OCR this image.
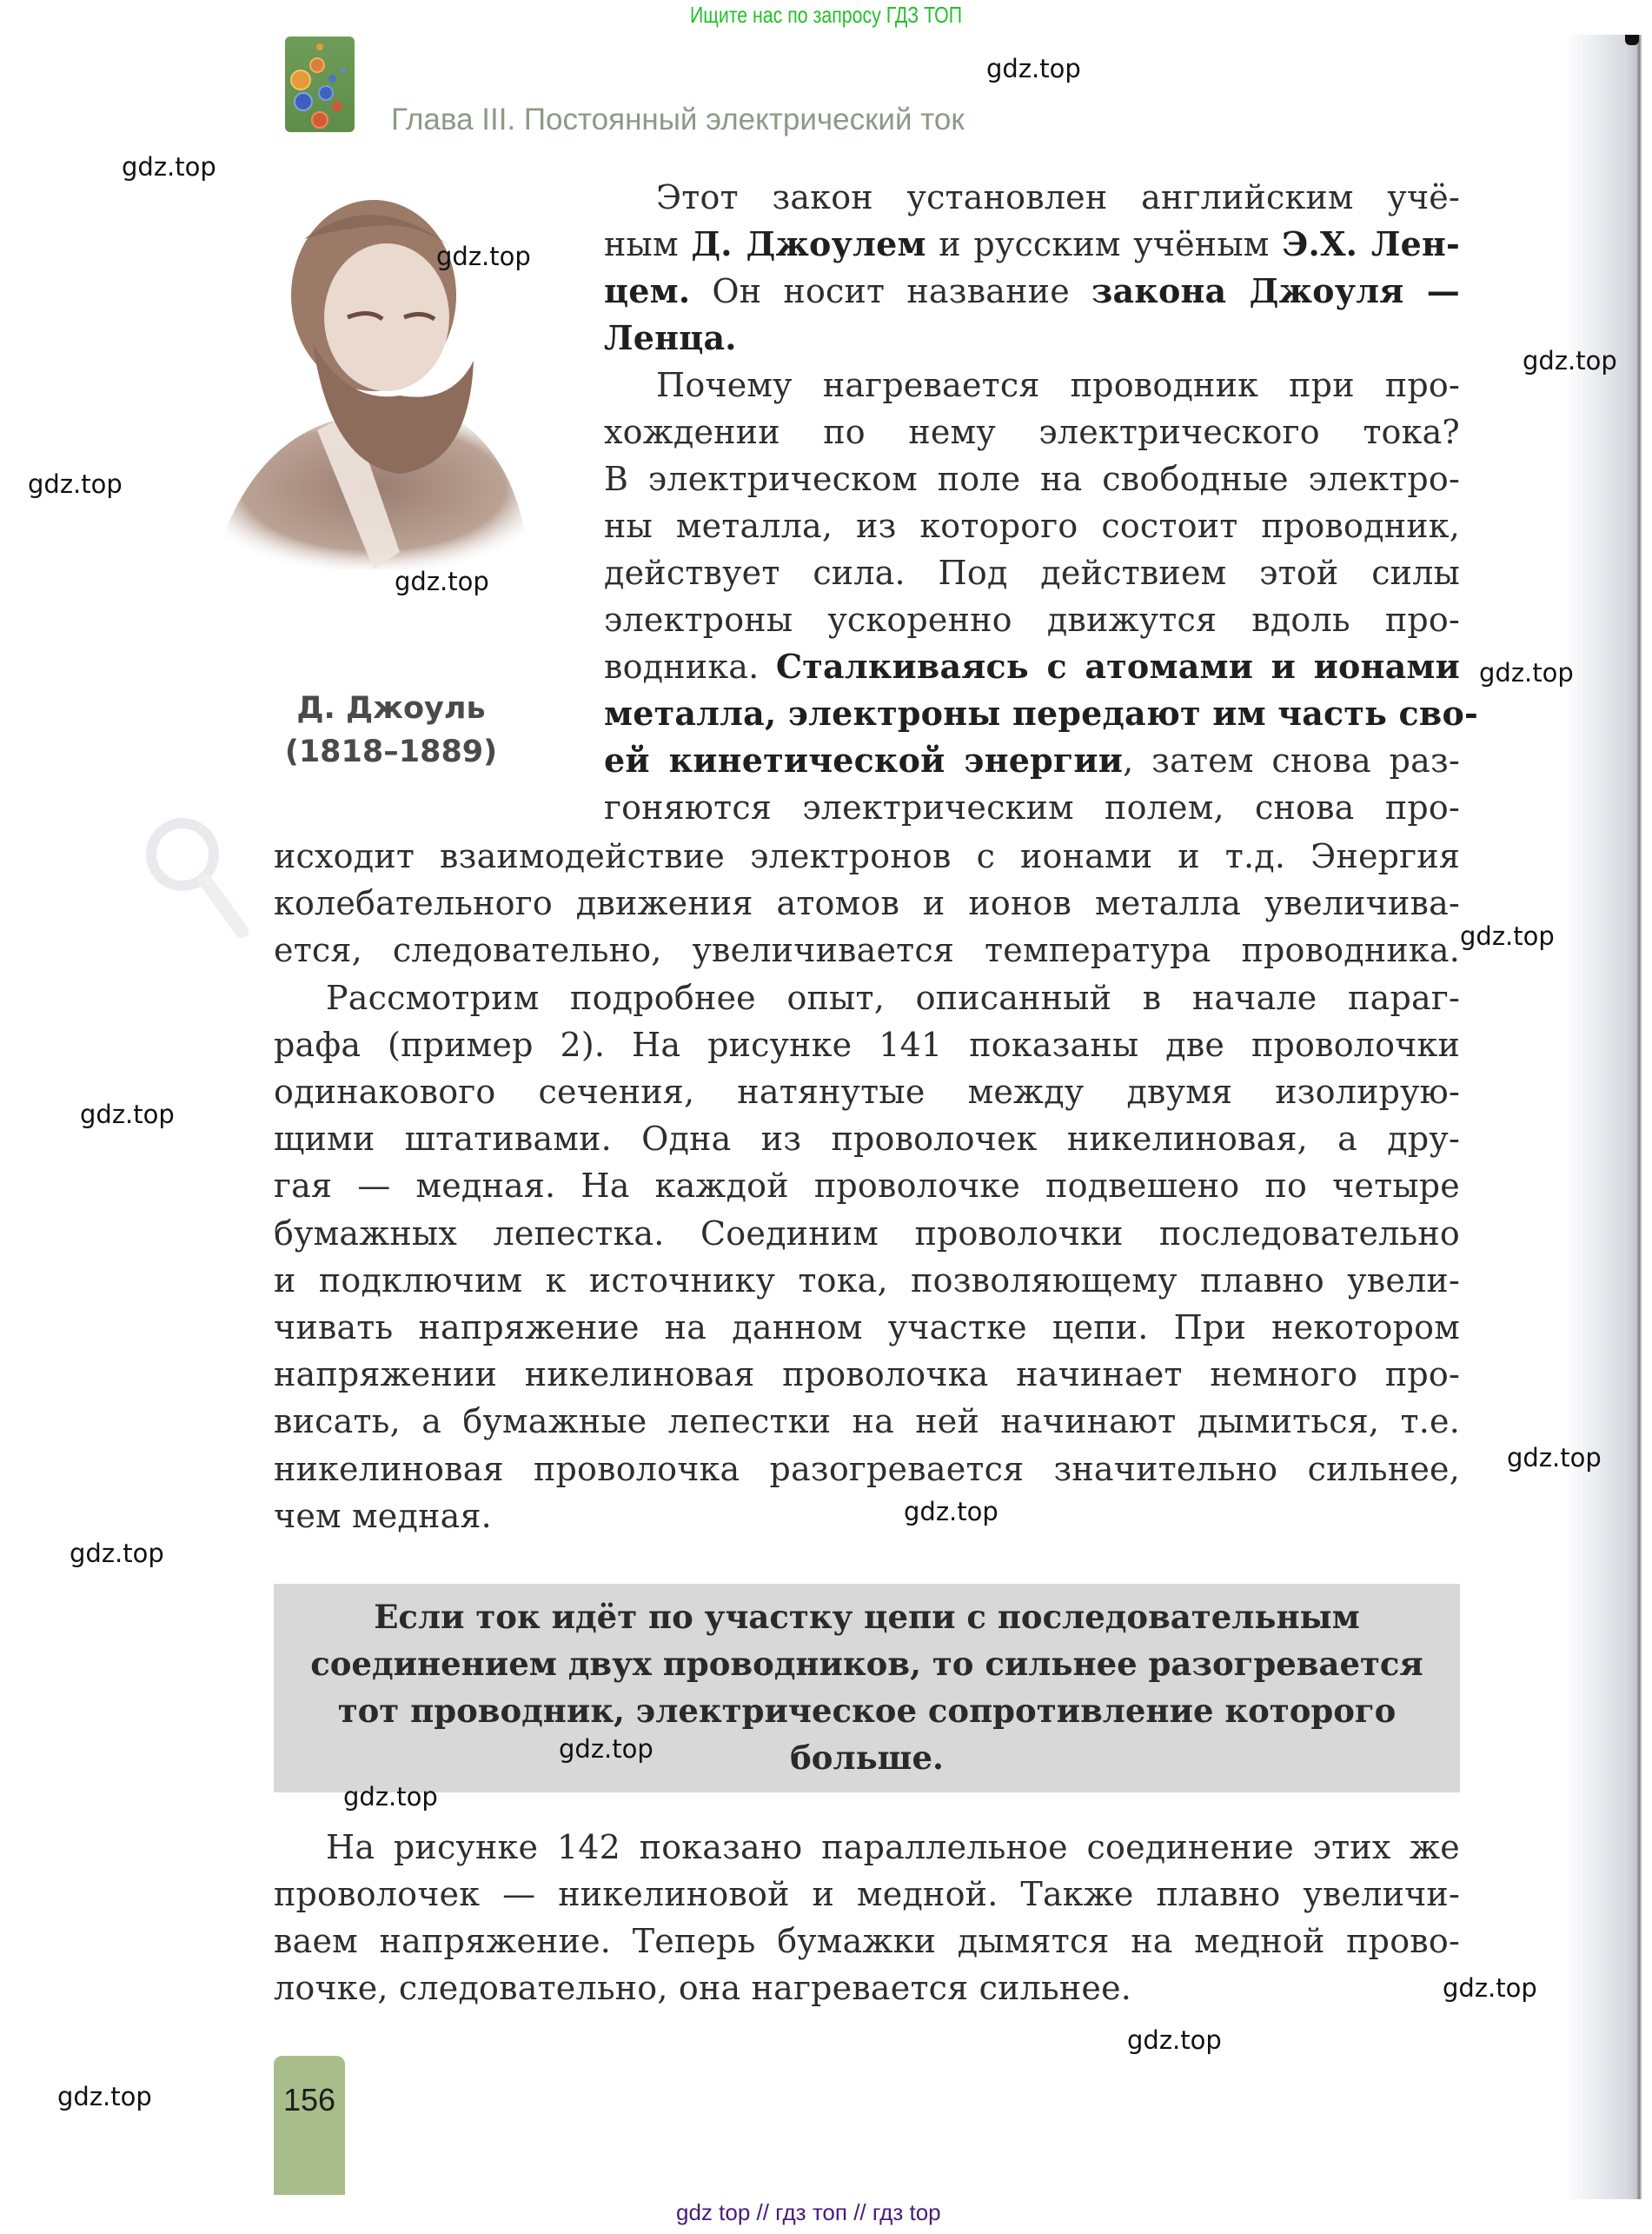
Ищите нас по запросу ГДЗ ТОП
Глава III. Постоянный электрический ток
Д. Джоуль
(1818–1889)
Этот закон установлен английским учё-
ным Д. Джоулем и русским учёным Э.Х. Лен-
цем. Он носит название закона Джоуля —
Ленца.
Почему нагревается проводник при про-
хождении по нему электрического тока?
В электрическом поле на свободные электро-
ны металла, из которого состоит проводник,
действует сила. Под действием этой силы
электроны ускоренно движутся вдоль про-
водника. Сталкиваясь с атомами и ионами
металла, электроны передают им часть сво-
ей кинетической энергии, затем снова раз-
гоняются электрическим полем, снова про-
исходит взаимодействие электронов с ионами и т.д. Энергия
колебательного движения атомов и ионов металла увеличива-
ется, следовательно, увеличивается температура проводника.
Рассмотрим подробнее опыт, описанный в начале параг-
рафа (пример 2). На рисунке 141 показаны две проволочки
одинакового сечения, натянутые между двумя изолирую-
щими штативами. Одна из проволочек никелиновая, а дру-
гая — медная. На каждой проволочке подвешено по четыре
бумажных лепестка. Соединим проволочки последовательно
и подключим к источнику тока, позволяющему плавно увели-
чивать напряжение на данном участке цепи. При некотором
напряжении никелиновая проволочка начинает немного про-
висать, а бумажные лепестки на ней начинают дымиться, т.е.
никелиновая проволочка разогревается значительно сильнее,
чем медная.
Если ток идёт по участку цепи с последовательным
соединением двух проводников, то сильнее разогревается
тот проводник, электрическое сопротивление которого
больше.
На рисунке 142 показано параллельное соединение этих же
проволочек — никелиновой и медной. Также плавно увеличи-
ваем напряжение. Теперь бумажки дымятся на медной прово-
лочке, следовательно, она нагревается сильнее.
156
gdz top // гдз топ // гдз top
gdz.top
gdz.top
gdz.top
gdz.top
gdz.top
gdz.top
gdz.top
gdz.top
gdz.top
gdz.top
gdz.top
gdz.top
gdz.top
gdz.top
gdz.top
gdz.top
gdz.top
